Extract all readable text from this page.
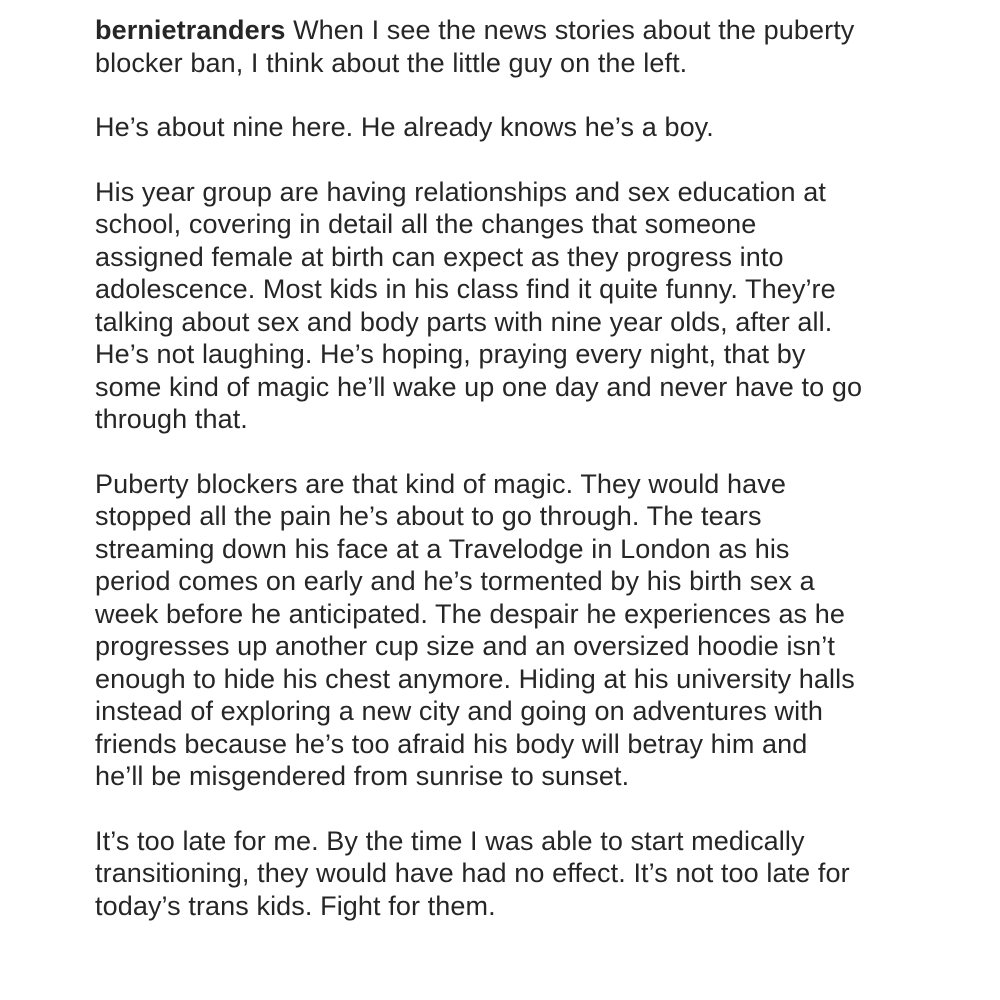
bernietranders When I see the news stories about the puberty
blocker ban, I think about the little guy on the left.

He’s about nine here. He already knows he’s a boy.

His year group are having relationships and sex education at
school, covering in detail all the changes that someone
assigned female at birth can expect as they progress into
adolescence. Most kids in his class find it quite funny. They’re
talking about sex and body parts with nine year olds, after all.
He’s not laughing. He’s hoping, praying every night, that by
some kind of magic he’ll wake up one day and never have to go
through that.

Puberty blockers are that kind of magic. They would have
stopped all the pain he’s about to go through. The tears
streaming down his face at a Travelodge in London as his
period comes on early and he’s tormented by his birth sex a
week before he anticipated. The despair he experiences as he
progresses up another cup size and an oversized hoodie isn’t
enough to hide his chest anymore. Hiding at his university halls
instead of exploring a new city and going on adventures with
friends because he’s too afraid his body will betray him and
he’ll be misgendered from sunrise to sunset.

It’s too late for me. By the time I was able to start medically
transitioning, they would have had no effect. It’s not too late for
today’s trans kids. Fight for them.
